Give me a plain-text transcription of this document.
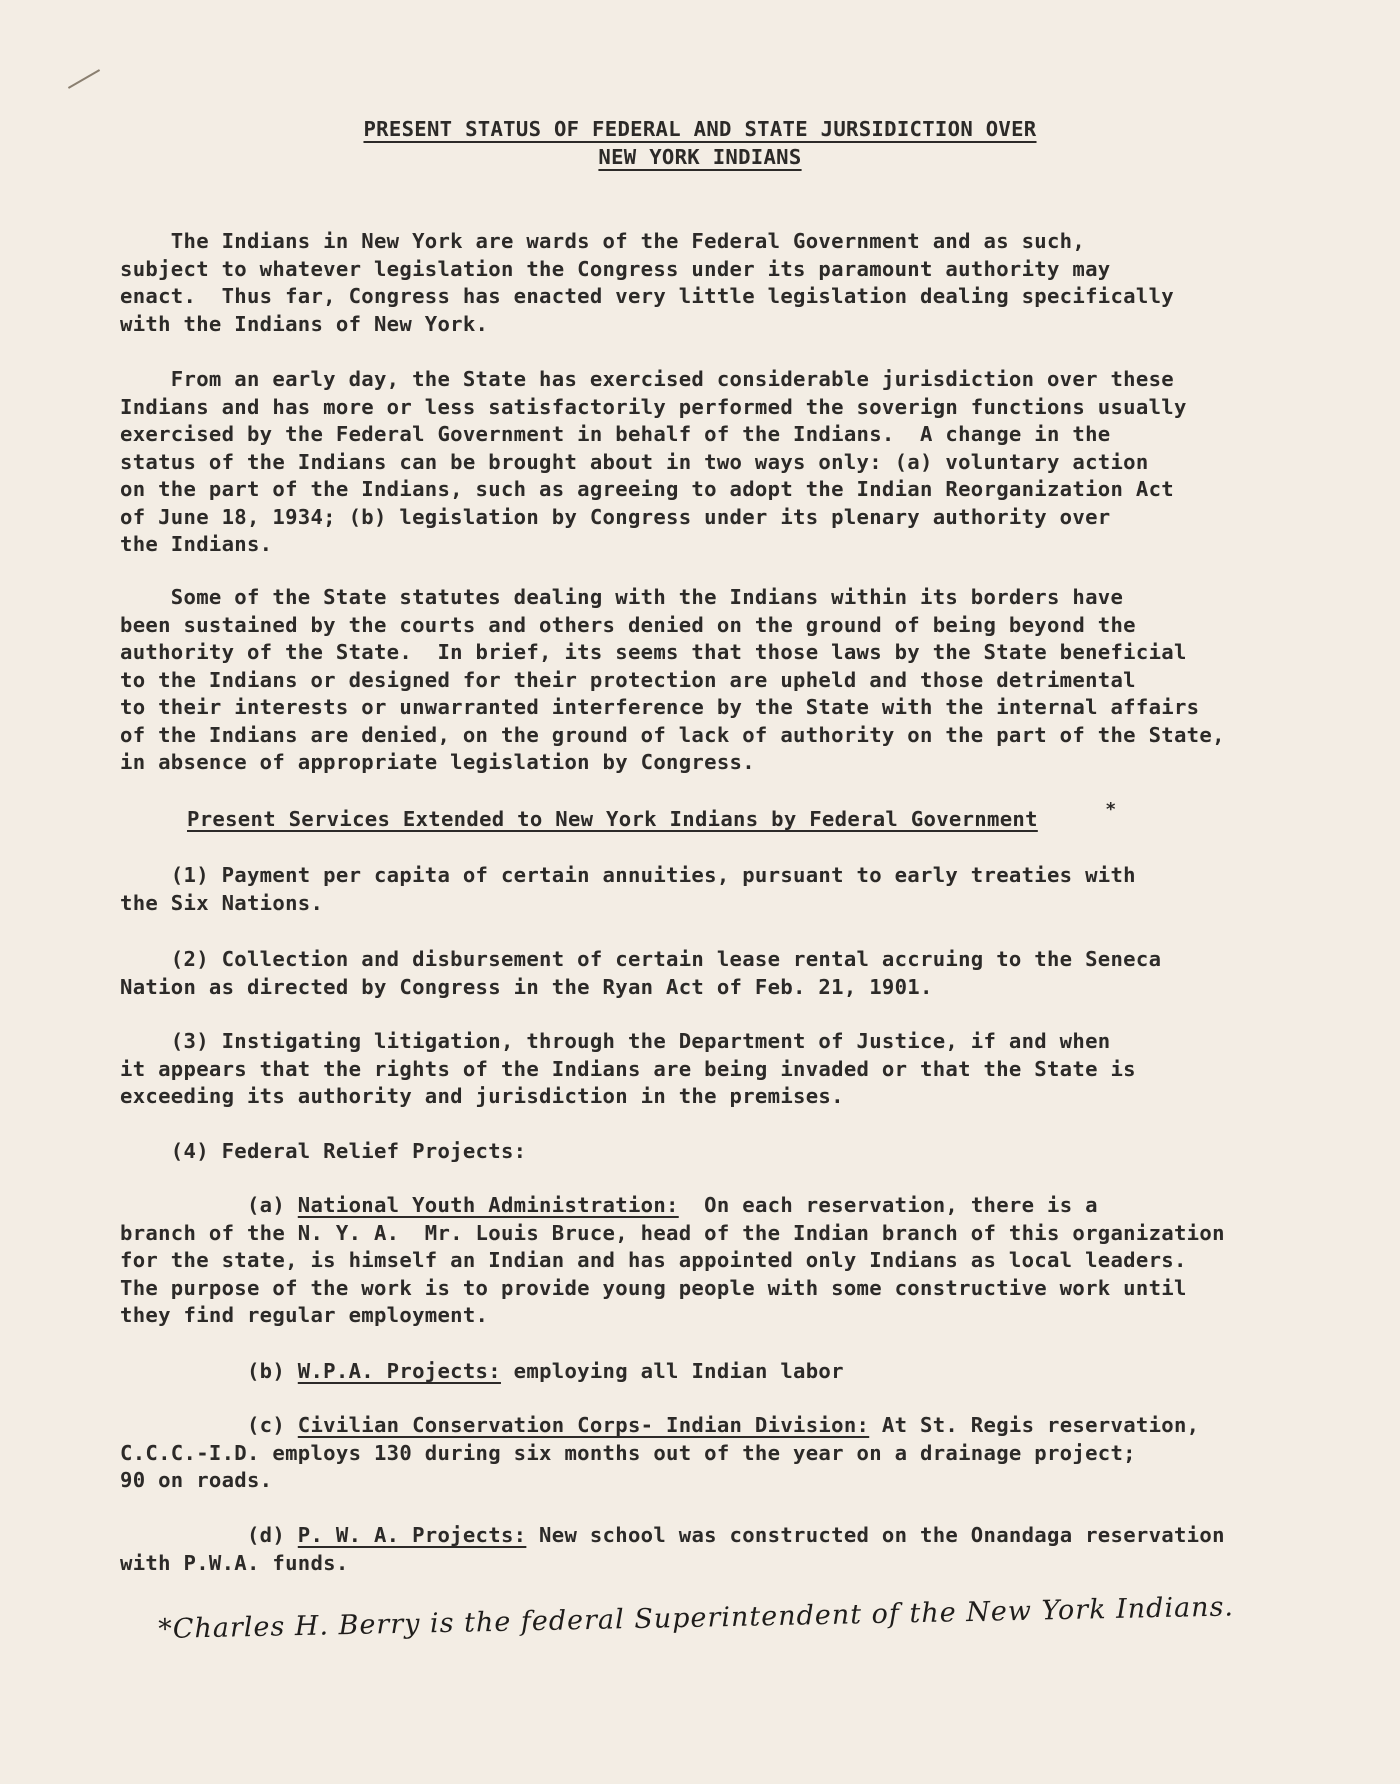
PRESENT STATUS OF FEDERAL AND STATE JURSIDICTION OVER
NEW YORK INDIANS
The Indians in New York are wards of the Federal Government and as such,
subject to whatever legislation the Congress under its paramount authority may
enact.  Thus far, Congress has enacted very little legislation dealing specifically
with the Indians of New York.
From an early day, the State has exercised considerable jurisdiction over these
Indians and has more or less satisfactorily performed the soverign functions usually
exercised by the Federal Government in behalf of the Indians.  A change in the
status of the Indians can be brought about in two ways only: (a) voluntary action
on the part of the Indians, such as agreeing to adopt the Indian Reorganization Act
of June 18, 1934; (b) legislation by Congress under its plenary authority over
the Indians.
Some of the State statutes dealing with the Indians within its borders have
been sustained by the courts and others denied on the ground of being beyond the
authority of the State.  In brief, its seems that those laws by the State beneficial
to the Indians or designed for their protection are upheld and those detrimental
to their interests or unwarranted interference by the State with the internal affairs
of the Indians are denied, on the ground of lack of authority on the part of the State,
in absence of appropriate legislation by Congress.
Present Services Extended to New York Indians by Federal Government	*
(1) Payment per capita of certain annuities, pursuant to early treaties with
the Six Nations.
(2) Collection and disbursement of certain lease rental accruing to the Seneca
Nation as directed by Congress in the Ryan Act of Feb. 21, 1901.
(3) Instigating litigation, through the Department of Justice, if and when
it appears that the rights of the Indians are being invaded or that the State is
exceeding its authority and jurisdiction in the premises.
(4) Federal Relief Projects:
(a) National Youth Administration:  On each reservation, there is a
branch of the N. Y. A.  Mr. Louis Bruce, head of the Indian branch of this organization
for the state, is himself an Indian and has appointed only Indians as local leaders.
The purpose of the work is to provide young people with some constructive work until
they find regular employment.
(b) W.P.A. Projects: employing all Indian labor
(c) Civilian Conservation Corps- Indian Division: At St. Regis reservation,
C.C.C.-I.D. employs 130 during six months out of the year on a drainage project;
90 on roads.
(d) P. W. A. Projects: New school was constructed on the Onandaga reservation
with P.W.A. funds.
*Charles H. Berry is the federal Superintendent of the New York Indians.
